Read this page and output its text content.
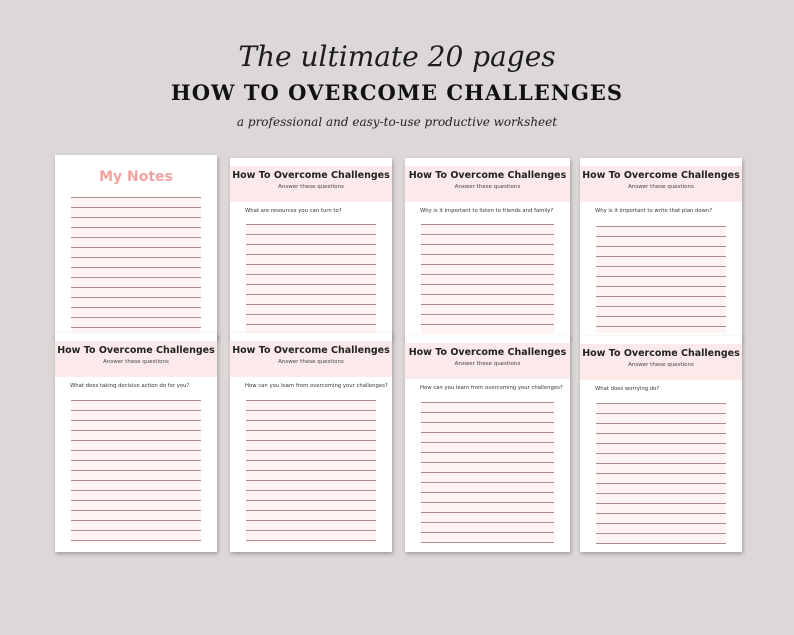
The ultimate 20 pages
HOW TO OVERCOME CHALLENGES
a professional and easy-to-use productive worksheet
My Notes	How To Overcome Challenges
Answer these questions
What are resources you can turn to?
How To Overcome Challenges
Answer these questions
Why is it important to listen to friends and family?
How To Overcome Challenges
Answer these questions
Why is it important to write that plan down?
How To Overcome Challenges
Answer these questions
What does taking decisive action do for you?
How To Overcome Challenges
Answer these questions
How can you learn from overcoming your challenges?
How To Overcome Challenges
Answer these questions
How can you learn from overcoming your challenges?
How To Overcome Challenges
Answer these questions
What does worrying do?
